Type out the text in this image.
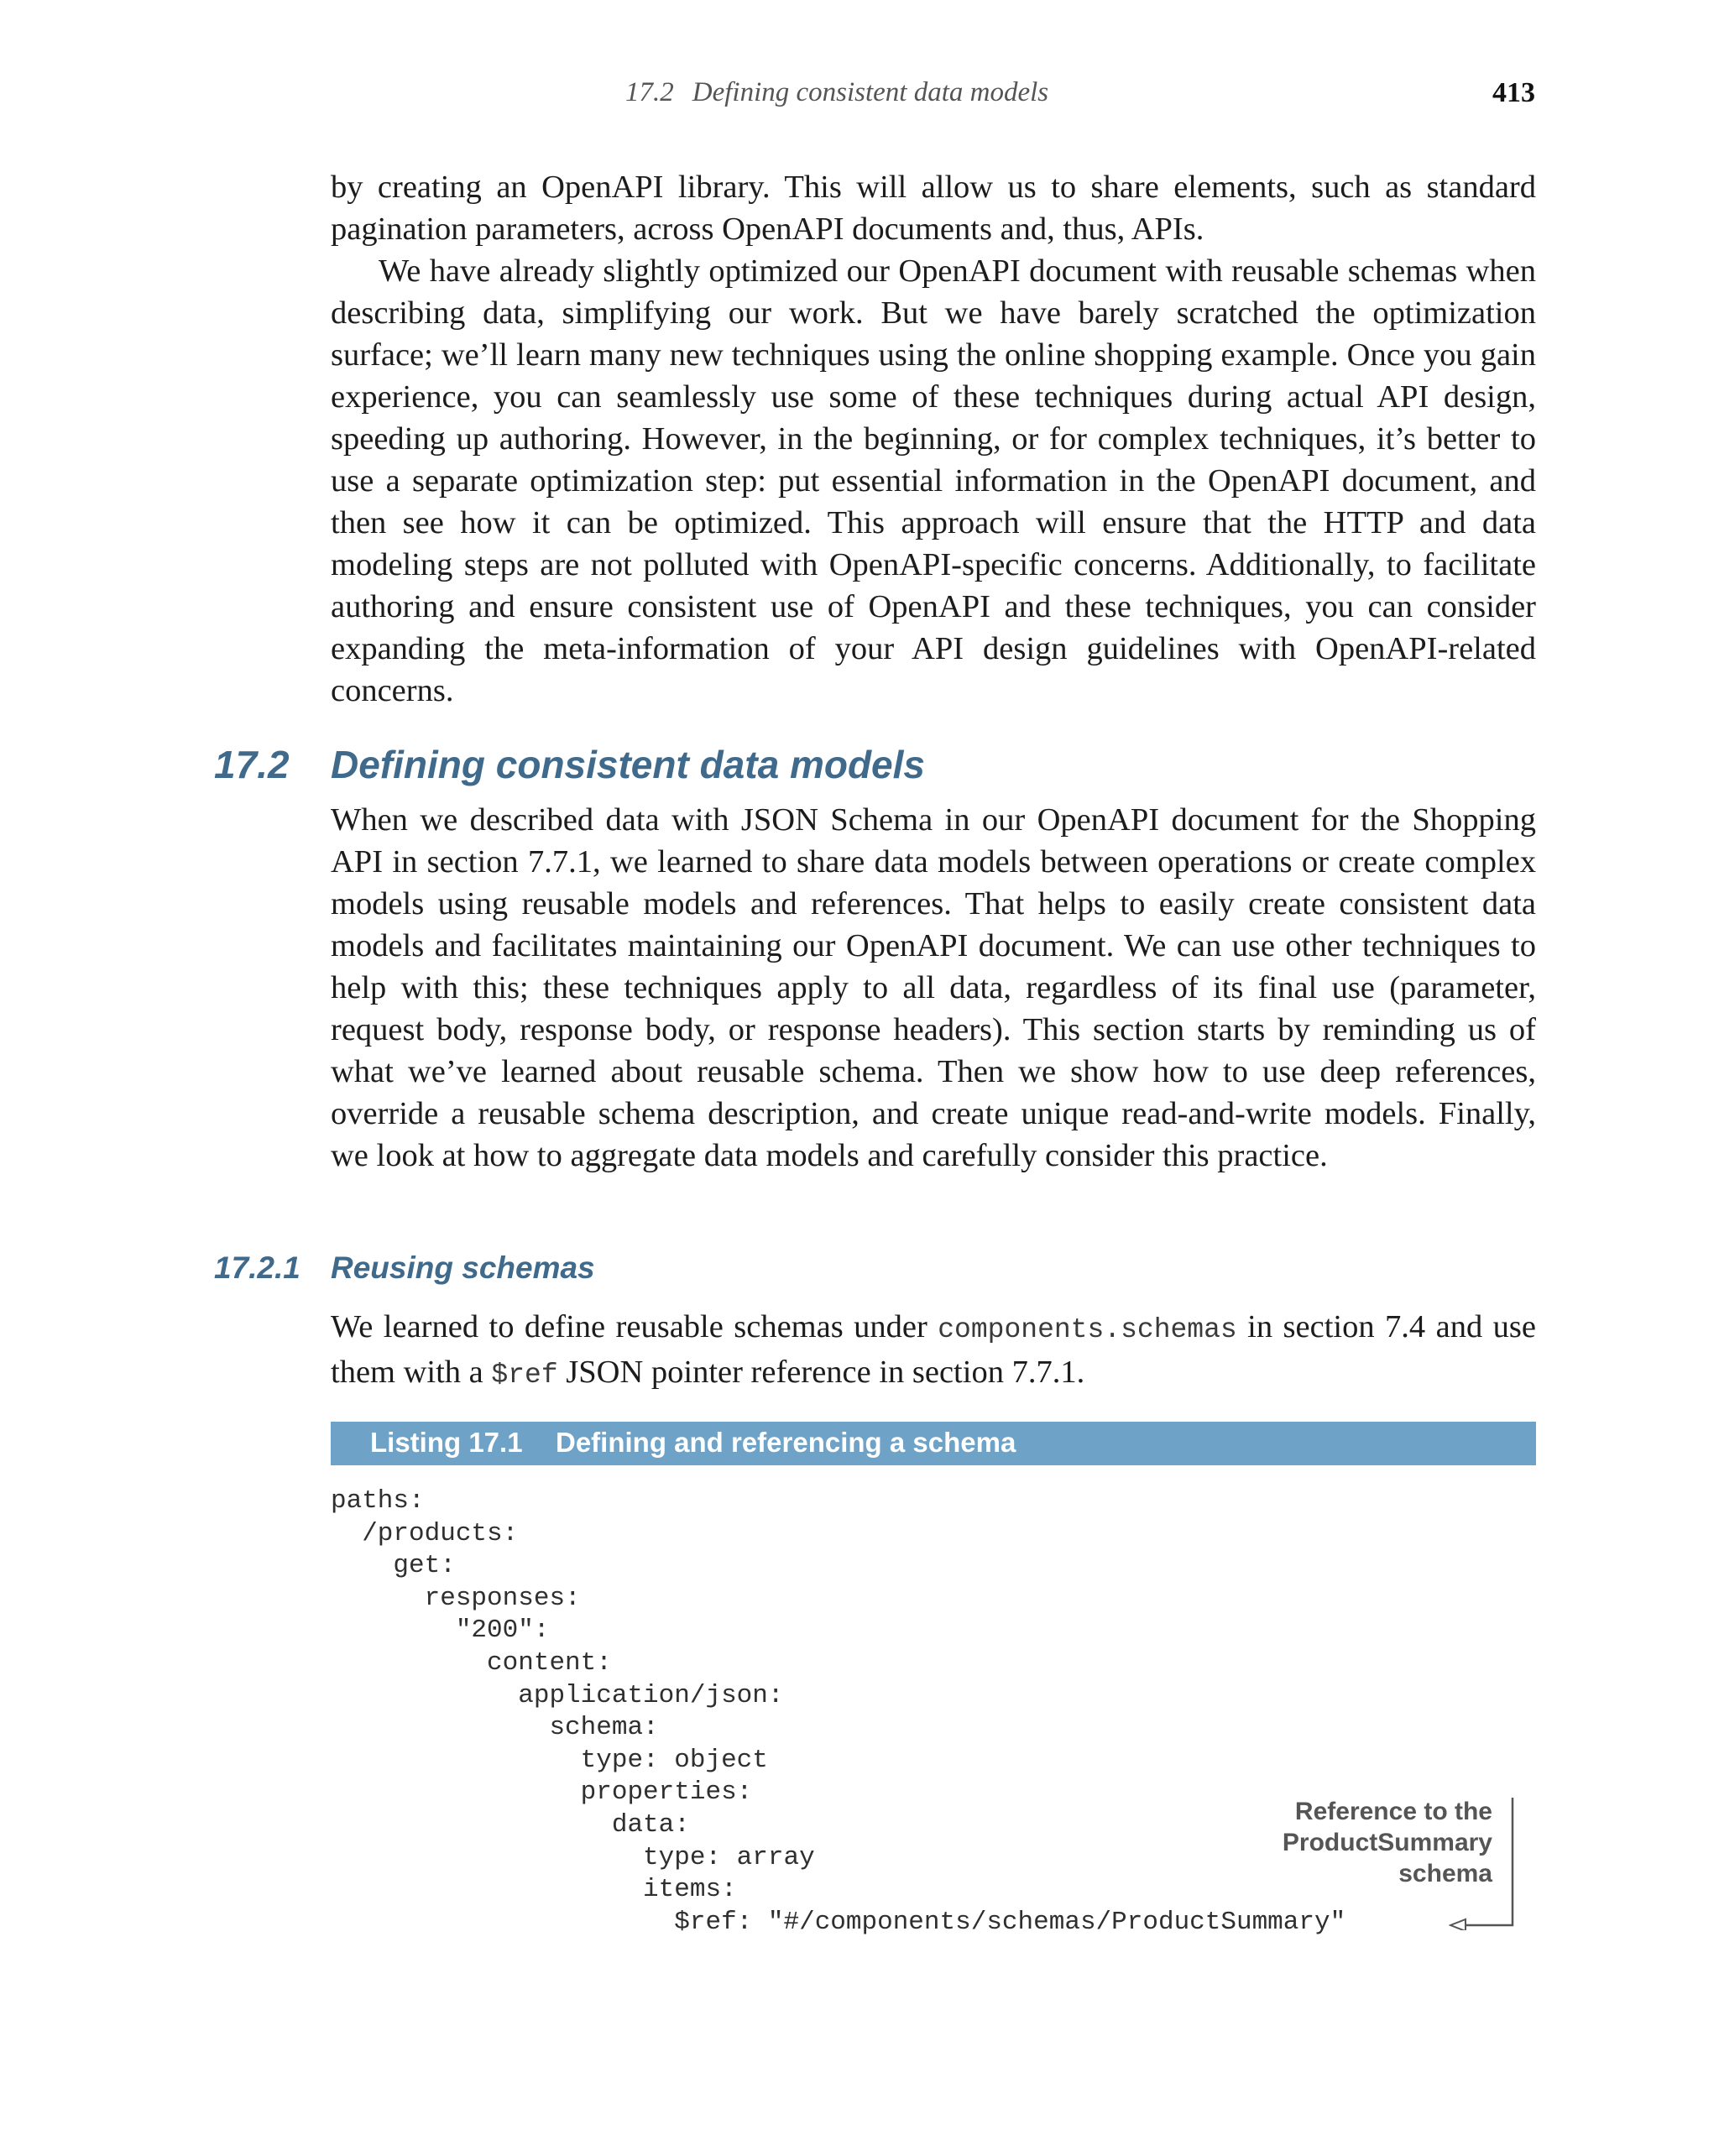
17.2 Defining consistent data models	413

by creating an OpenAPI library. This will allow us to share elements, such as standard pagination parameters, across OpenAPI documents and, thus, APIs.

We have already slightly optimized our OpenAPI document with reusable schemas when describing data, simplifying our work. But we have barely scratched the optimization surface; we’ll learn many new techniques using the online shopping example. Once you gain experience, you can seamlessly use some of these techniques during actual API design, speeding up authoring. However, in the beginning, or for complex techniques, it’s better to use a separate optimization step: put essential information in the OpenAPI document, and then see how it can be optimized. This approach will ensure that the HTTP and data modeling steps are not polluted with OpenAPI-specific concerns. Additionally, to facilitate authoring and ensure consistent use of OpenAPI and these techniques, you can consider expanding the meta-information of your API design guidelines with OpenAPI-related concerns.

17.2 Defining consistent data models

When we described data with JSON Schema in our OpenAPI document for the Shopping API in section 7.7.1, we learned to share data models between operations or create complex models using reusable models and references. That helps to easily create consistent data models and facilitates maintaining our OpenAPI document. We can use other techniques to help with this; these techniques apply to all data, regardless of its final use (parameter, request body, response body, or response headers). This section starts by reminding us of what we’ve learned about reusable schema. Then we show how to use deep references, override a reusable schema description, and create unique read-and-write models. Finally, we look at how to aggregate data models and carefully consider this practice.

17.2.1 Reusing schemas

We learned to define reusable schemas under components.schemas in section 7.4 and use them with a $ref JSON pointer reference in section 7.7.1.

Listing 17.1 Defining and referencing a schema
paths:
/products:
get:
responses:
"200":
content:
application/json:
schema:
type: object
properties:
data:
type: array
items:
$ref: "#/components/schemas/ProductSummary"
Reference to the
ProductSummary
schema
